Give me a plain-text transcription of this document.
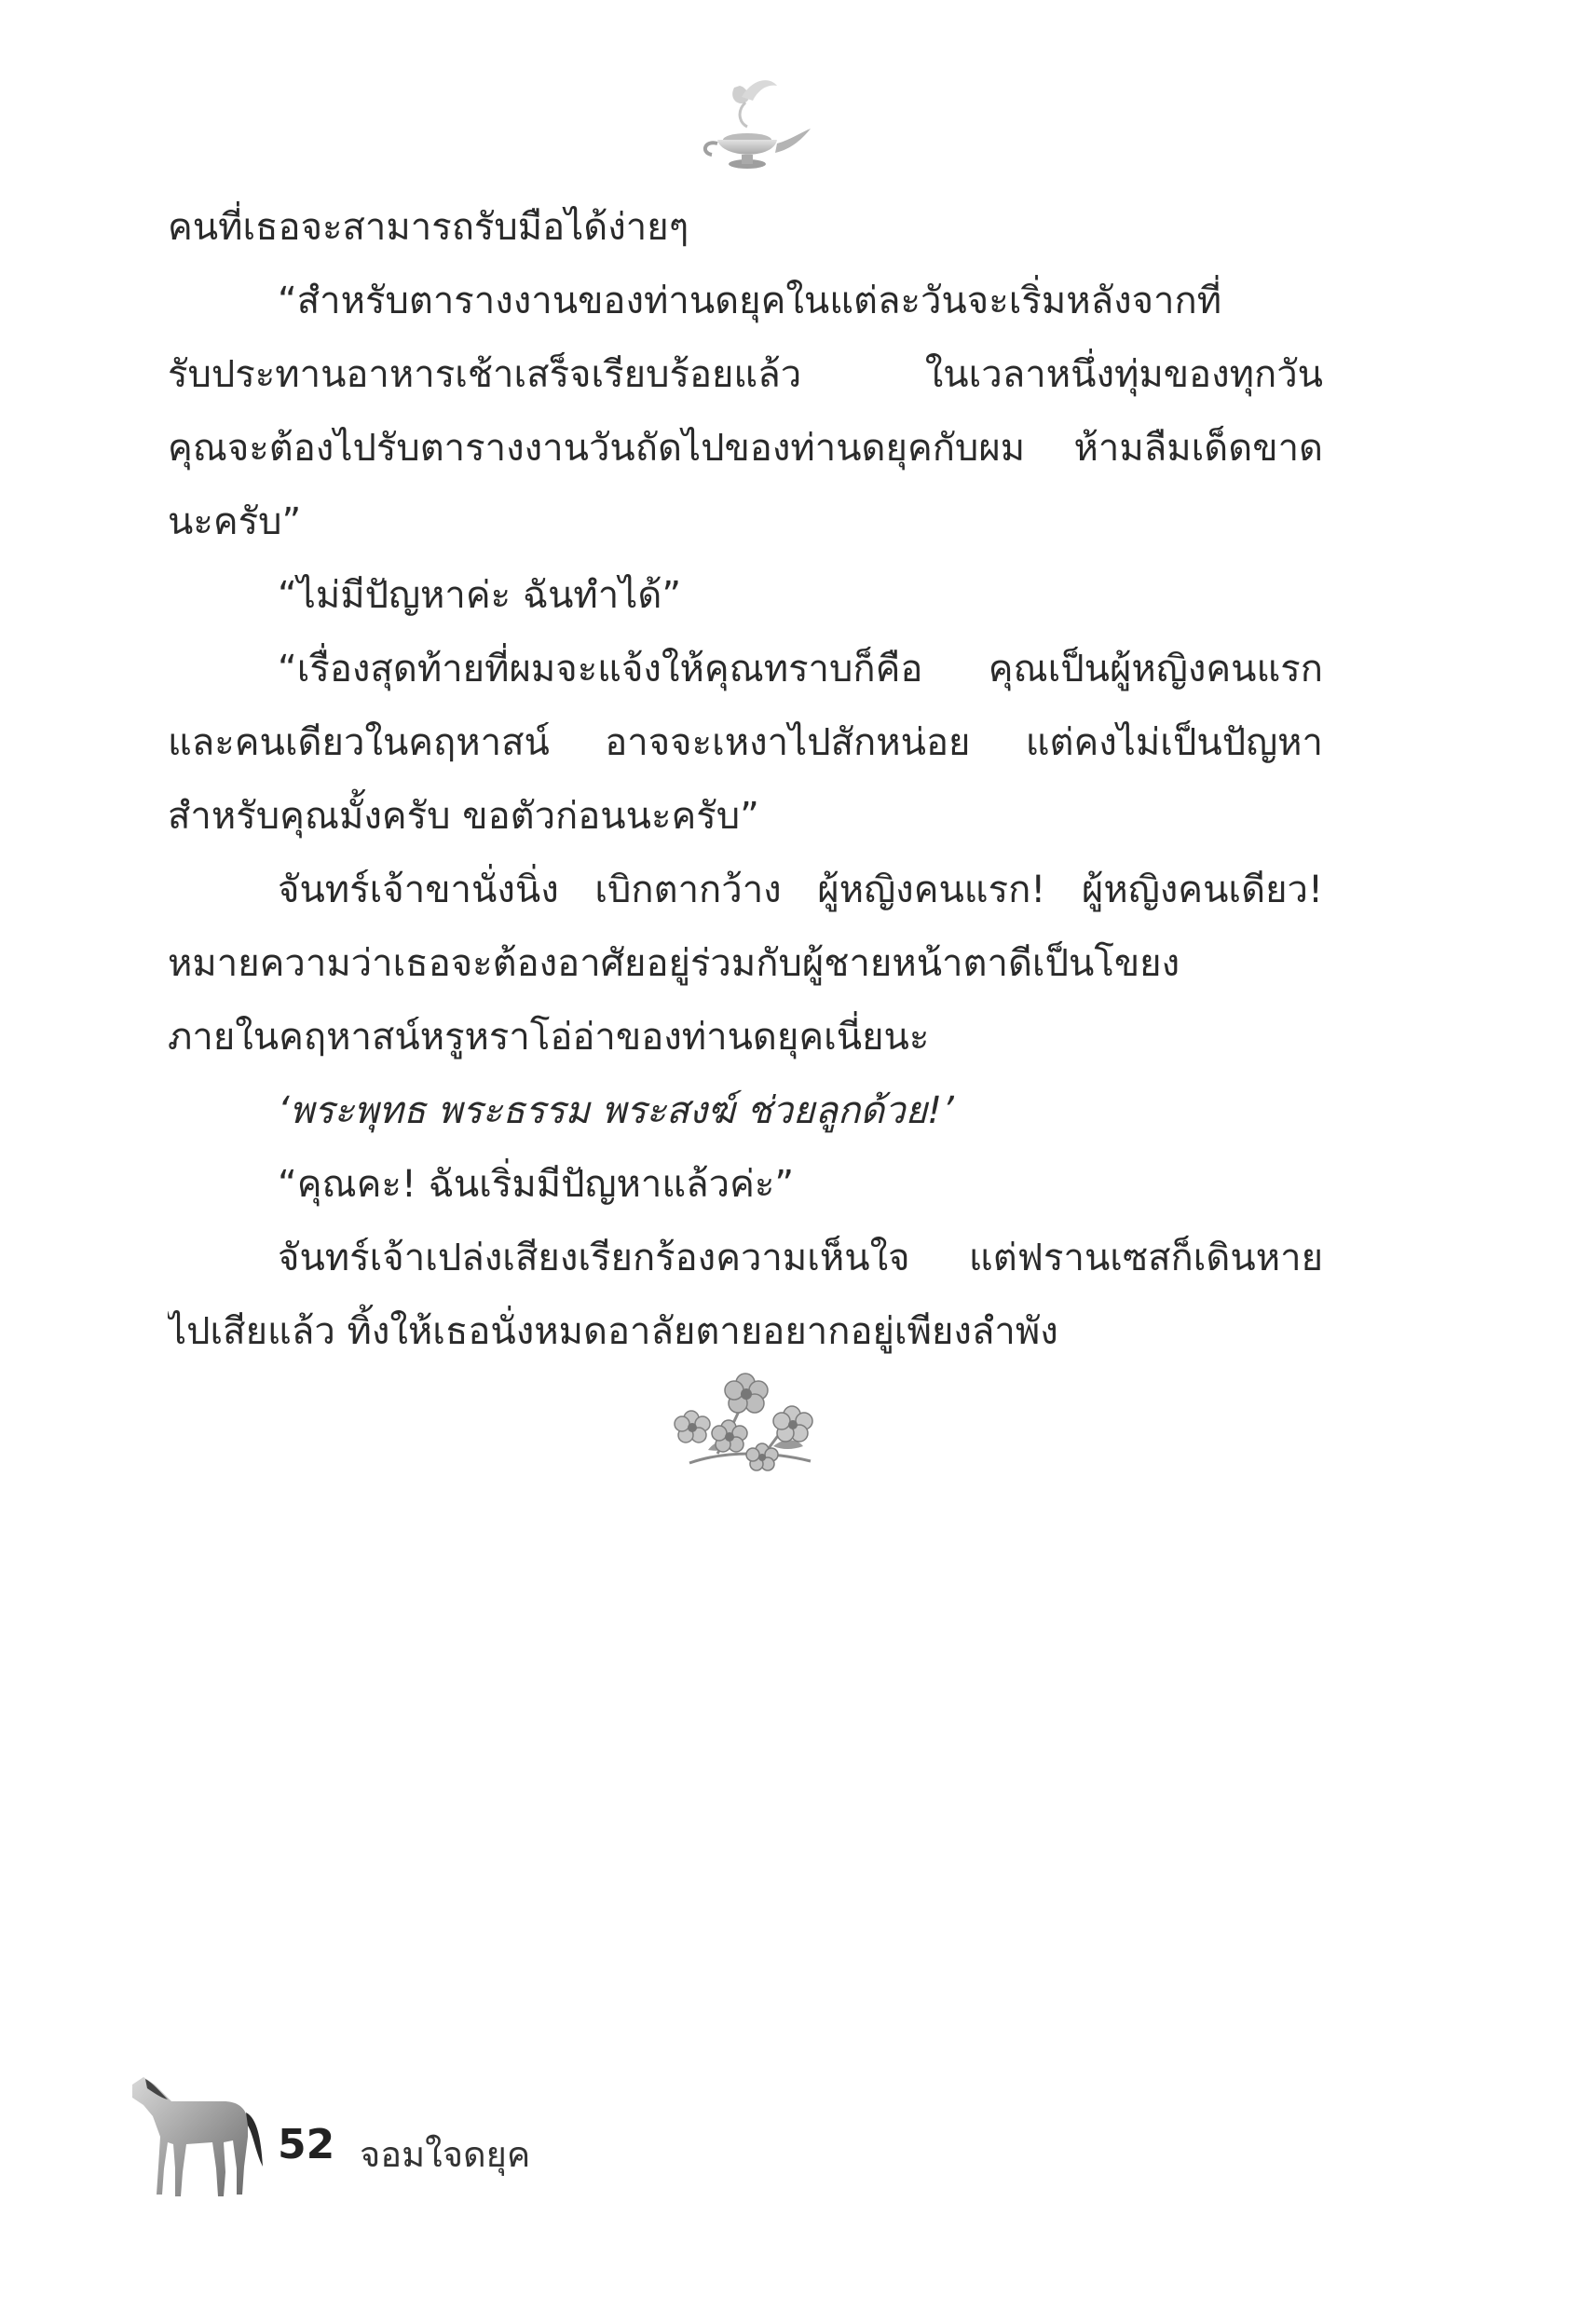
คนที่เธอจะสามารถรับมือได้ง่ายๆ
“สำหรับตารางงานของท่านดยุคในแต่ละวันจะเริ่มหลังจากที่
รับประทานอาหารเช้าเสร็จเรียบร้อยแล้ว ในเวลาหนึ่งทุ่มของทุกวัน
คุณจะต้องไปรับตารางงานวันถัดไปของท่านดยุคกับผม ห้ามลืมเด็ดขาด
นะครับ”
“ไม่มีปัญหาค่ะ ฉันทำได้”
“เรื่องสุดท้ายที่ผมจะแจ้งให้คุณทราบก็คือ คุณเป็นผู้หญิงคนแรก
และคนเดียวในคฤหาสน์ อาจจะเหงาไปสักหน่อย แต่คงไม่เป็นปัญหา
สำหรับคุณมั้งครับ ขอตัวก่อนนะครับ”
จันทร์เจ้าขานั่งนิ่ง เบิกตากว้าง ผู้หญิงคนแรก! ผู้หญิงคนเดียว!
หมายความว่าเธอจะต้องอาศัยอยู่ร่วมกับผู้ชายหน้าตาดีเป็นโขยง
ภายในคฤหาสน์หรูหราโอ่อ่าของท่านดยุคเนี่ยนะ
‘พระพุทธ พระธรรม พระสงฆ์ ช่วยลูกด้วย!’
“คุณคะ! ฉันเริ่มมีปัญหาแล้วค่ะ”
จันทร์เจ้าเปล่งเสียงเรียกร้องความเห็นใจ แต่ฟรานเซสก็เดินหาย
ไปเสียแล้ว ทิ้งให้เธอนั่งหมดอาลัยตายอยากอยู่เพียงลำพัง
52 จอมใจดยุค
